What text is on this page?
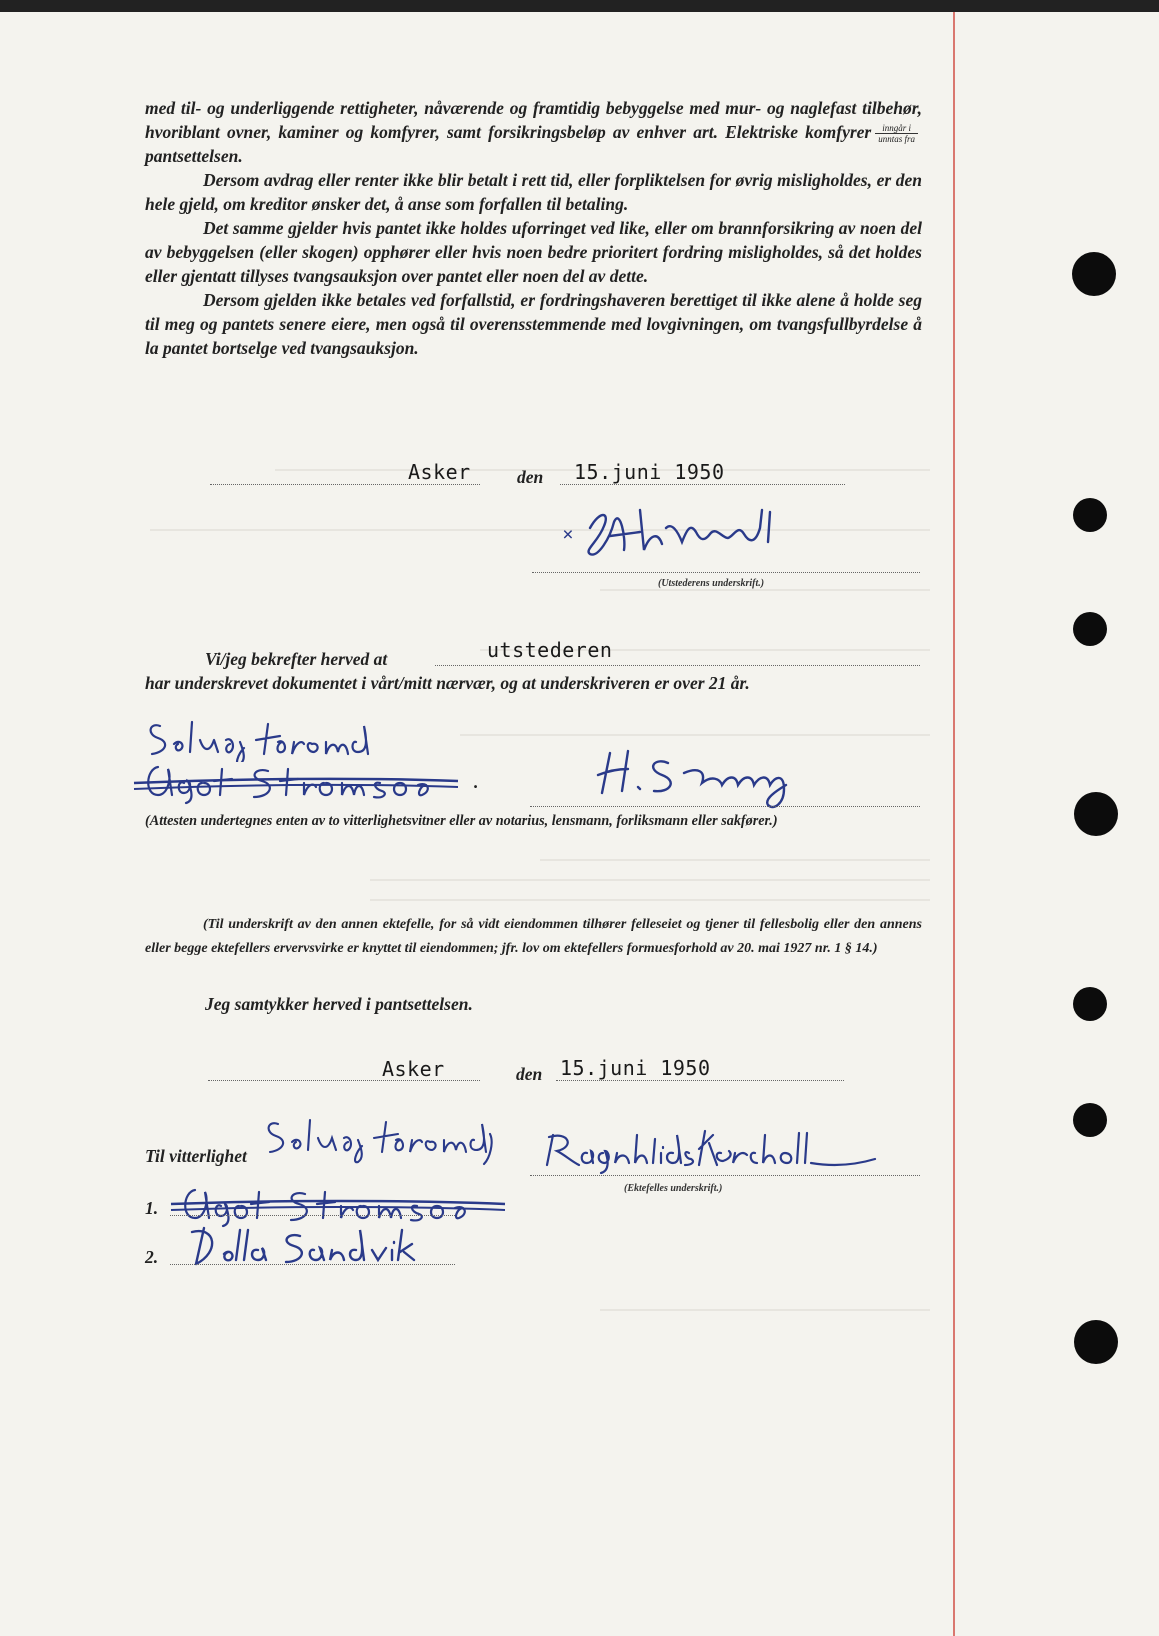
med til- og underliggende rettigheter, nåværende og framtidig bebyggelse med mur- og naglefast tilbehør, hvoriblant ovner, kaminer og komfyrer, samt forsikringsbeløp av enhver art. Elektriske komfyrer $\frac{\text{inngår i}}{\text{unntas fra}}$
pantsettelsen.

Dersom avdrag eller renter ikke blir betalt i rett tid, eller forpliktelsen for øvrig misligholdes, er den hele gjeld, om kreditor ønsker det, å anse som forfallen til betaling.

Det samme gjelder hvis pantet ikke holdes uforringet ved like, eller om brannforsikring av noen del av bebyggelsen (eller skogen) opphører eller hvis noen bedre prioritert fordring misligholdes, så det holdes eller gjentatt tillyses tvangsauksjon over pantet eller noen del av dette.

Dersom gjelden ikke betales ved forfallstid, er fordringshaveren berettiget til ikke alene å holde seg til meg og pantets senere eiere, men også til overensstemmende med lovgivningen, om tvangsfullbyrdelse å la pantet bortselge ved tvangsauksjon.

Asker	den 15.juni 1950
×
(Utstederens underskrift.)
Vi/jeg bekrefter herved at	utstederen
har underskrevet dokumentet i vårt/mitt nærvær, og at underskriveren er over 21 år.
.
(Attesten undertegnes enten av to vitterlighetsvitner eller av notarius, lensmann, forliksmann eller sakfører.)
(Til underskrift av den annen ektefelle, for så vidt eiendommen tilhører felleseiet og tjener til fellesbolig eller den annens eller begge ektefellers ervervsvirke er knyttet til eiendommen; jfr. lov om ektefellers formuesforhold av 20. mai 1927 nr. 1 § 14.)
Jeg samtykker herved i pantsettelsen.
Asker	den 15.juni 1950
Til vitterlighet
(Ektefelles underskrift.)
1.
2.
